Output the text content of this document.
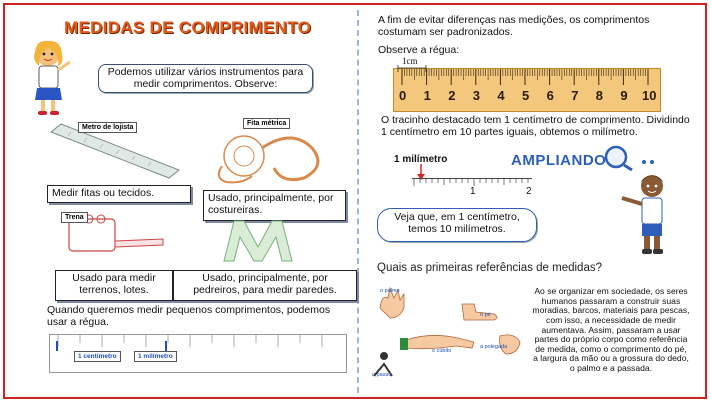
MEDIDAS DE COMPRIMENTO
Podemos utilizar vários instrumentos para medir comprimentos. Observe:
Metro de lojista
Medir fitas ou tecidos.
Fita métrica
Usado, principalmente, por costureiras.
Trena
Usado para medir terrenos, lotes.
Usado, principalmente, por pedreiros, para medir paredes.
Quando queremos medir pequenos comprimentos, podemos usar a régua.
1 centímetro	1 milímetro
A fim de evitar diferenças nas medições, os comprimentos costumam ser padronizados.
Observe a régua:
0 1 2 3 4 5 6 7 8 9 10
1cm
O tracinho destacado tem 1 centímetro de comprimento. Dividindo 1 centímetro em 10 partes iguais, obtemos o milímetro.
1 milímetro
1	2
AMPLIANDO
Veja que, em 1 centímetro, temos 10 milímetros.
Quais as primeiras referências de medidas?
o palmo
o pé
o cúbito
a polegada
o passo
Ao se organizar em sociedade, os seres humanos passaram a construir suas moradias, barcos, materiais para pescas, com isso, a necessidade de medir aumentava. Assim, passaram a usar partes do próprio corpo como referência de medida, como o comprimento do pé, a largura da mão ou a grossura do dedo, o palmo e a passada.
